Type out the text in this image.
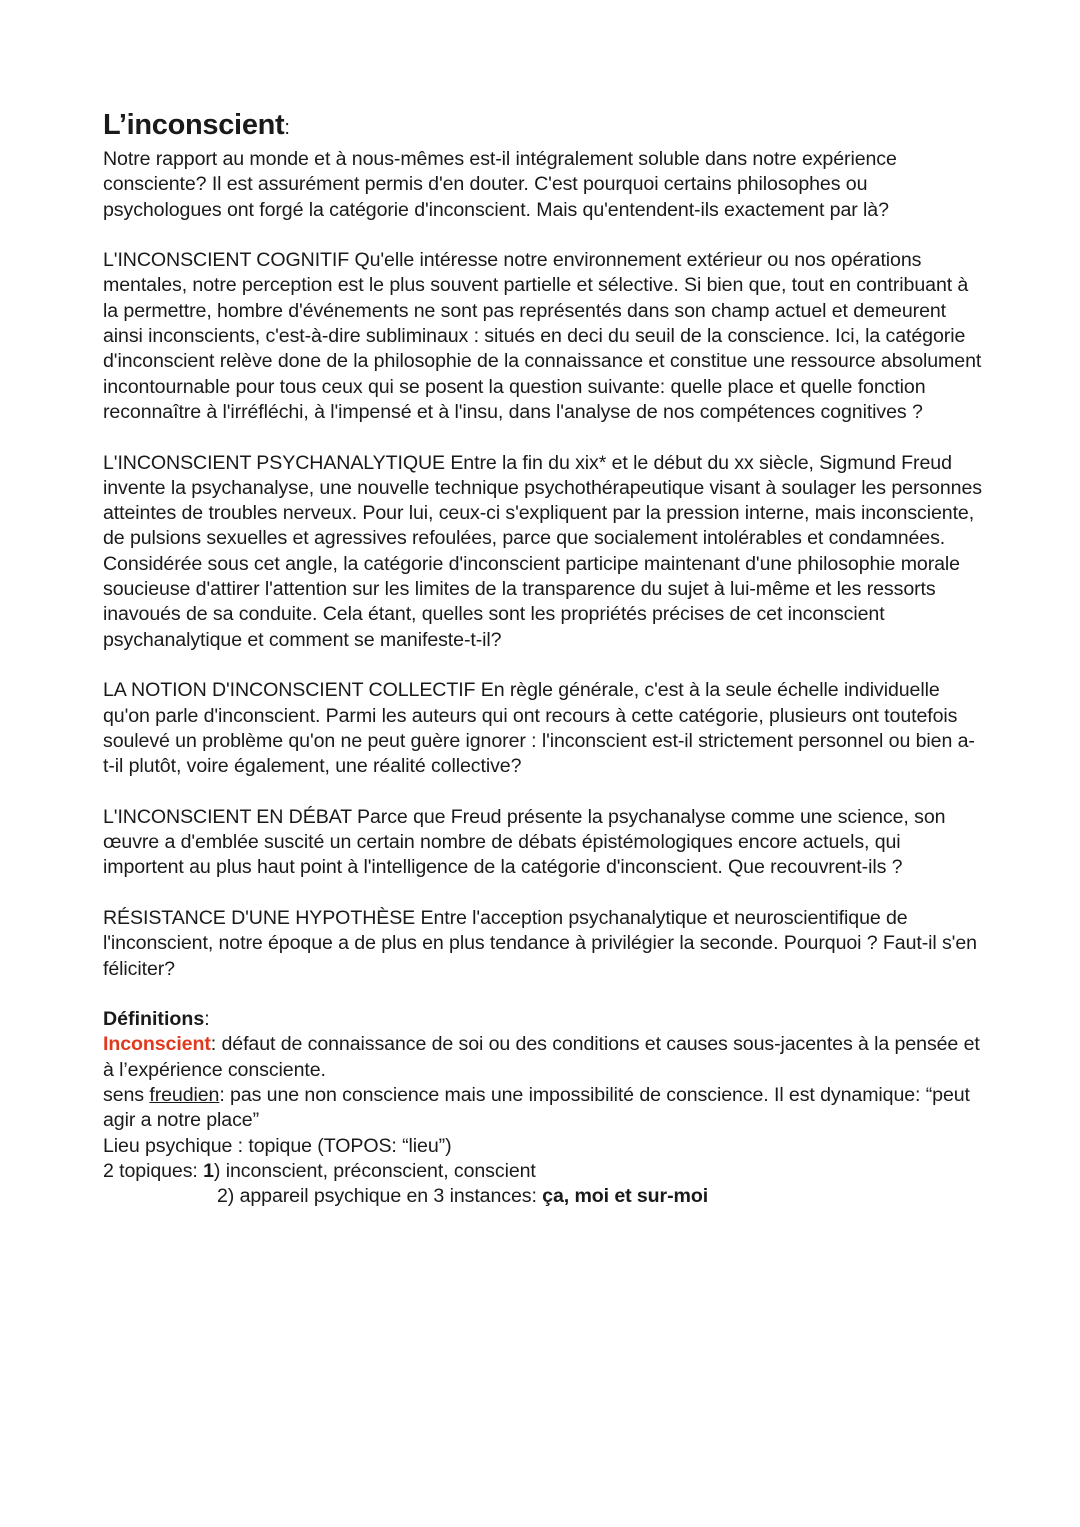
L’inconscient:

Notre rapport au monde et à nous-mêmes est-il intégralement soluble dans notre expérience consciente? Il est assurément permis d'en douter. C'est pourquoi certains philosophes ou psychologues ont forgé la catégorie d'inconscient. Mais qu'entendent-ils exactement par là?

L'INCONSCIENT COGNITIF Qu'elle intéresse notre environnement extérieur ou nos opérations mentales, notre perception est le plus souvent partielle et sélective. Si bien que, tout en contribuant à la permettre, hombre d'événements ne sont pas représentés dans son champ actuel et demeurent ainsi inconscients, c'est-à-dire subliminaux : situés en deci du seuil de la conscience. Ici, la catégorie d'inconscient relève done de la philosophie de la connaissance et constitue une ressource absolument incontournable pour tous ceux qui se posent la question suivante: quelle place et quelle fonction reconnaître à l'irréfléchi, à l'impensé et à l'insu, dans l'analyse de nos compétences cognitives ?

L'INCONSCIENT PSYCHANALYTIQUE Entre la fin du xix* et le début du xx siècle, Sigmund Freud invente la psychanalyse, une nouvelle technique psychothérapeutique visant à soulager les personnes atteintes de troubles nerveux. Pour lui, ceux-ci s'expliquent par la pression interne, mais inconsciente, de pulsions sexuelles et agressives refoulées, parce que socialement intolérables et condamnées. Considérée sous cet angle, la catégorie d'inconscient participe maintenant d'une philosophie morale soucieuse d'attirer l'attention sur les limites de la transparence du sujet à lui-même et les ressorts inavoués de sa conduite. Cela étant, quelles sont les propriétés précises de cet inconscient psychanalytique et comment se manifeste-t-il?

LA NOTION D'INCONSCIENT COLLECTIF En règle générale, c'est à la seule échelle individuelle qu'on parle d'inconscient. Parmi les auteurs qui ont recours à cette catégorie, plusieurs ont toutefois soulevé un problème qu'on ne peut guère ignorer : l'inconscient est-il strictement personnel ou bien a-t-il plutôt, voire également, une réalité collective?

L'INCONSCIENT EN DÉBAT Parce que Freud présente la psychanalyse comme une science, son œuvre a d'emblée suscité un certain nombre de débats épistémologiques encore actuels, qui importent au plus haut point à l'intelligence de la catégorie d'inconscient. Que recouvrent-ils ?

RÉSISTANCE D'UNE HYPOTHÈSE Entre l'acception psychanalytique et neuroscientifique de l'inconscient, notre époque a de plus en plus tendance à privilégier la seconde. Pourquoi ? Faut-il s'en féliciter?

Définitions:

Inconscient: défaut de connaissance de soi ou des conditions et causes sous-jacentes à la pensée et à l’expérience consciente.

sens freudien: pas une non conscience mais une impossibilité de conscience. Il est dynamique: “peut agir a notre place”

Lieu psychique : topique (TOPOS: “lieu”)

2 topiques: 1) inconscient, préconscient, conscient

2) appareil psychique en 3 instances: ça, moi et sur-moi
